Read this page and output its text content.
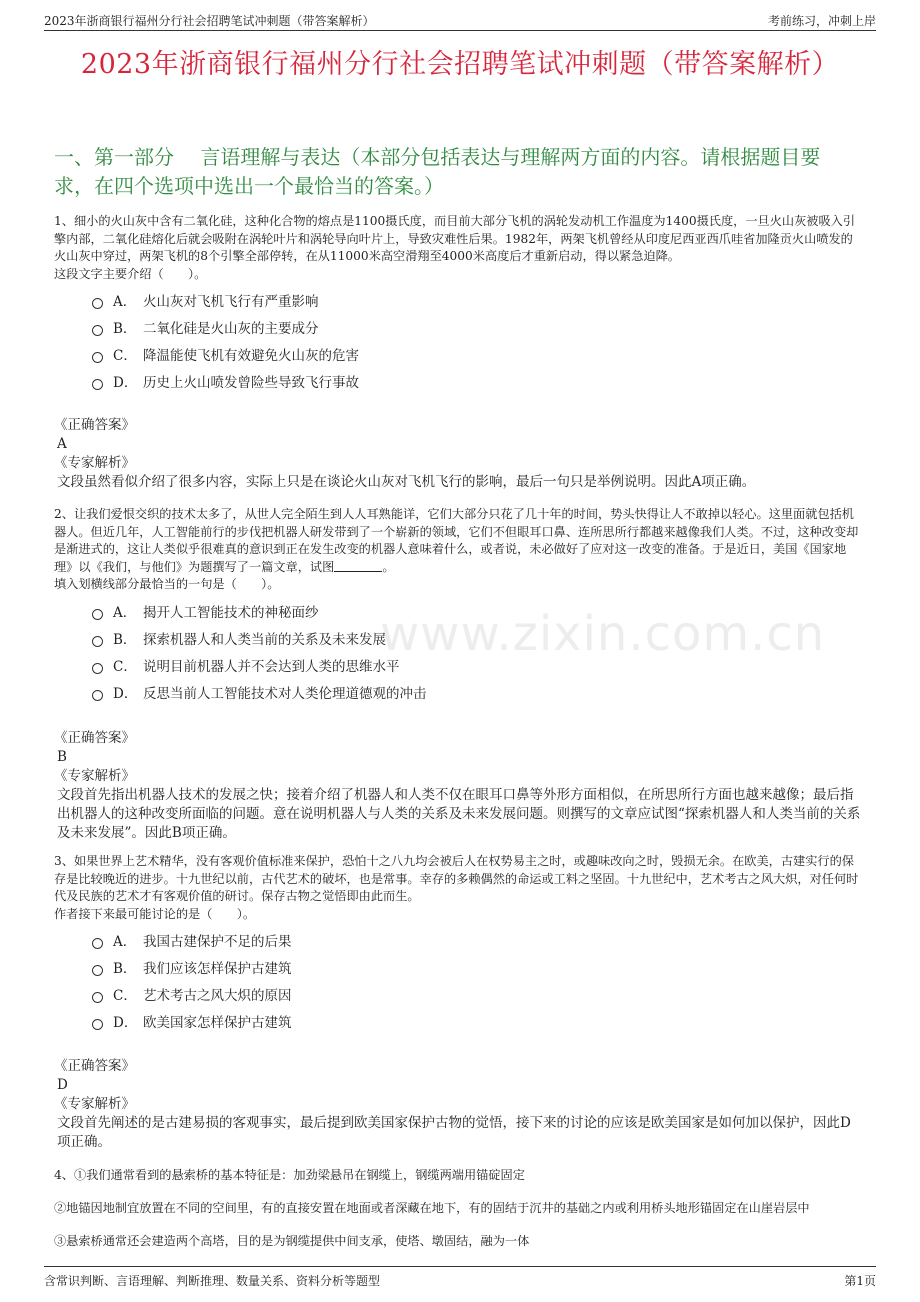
2023年浙商银行福州分行社会招聘笔试冲刺题（带答案解析）	考前练习，冲刺上岸
2023年浙商银行福州分行社会招聘笔试冲刺题（带答案解析）
一、第一部分　 言语理解与表达（本部分包括表达与理解两方面的内容。请根据题目要求，在四个选项中选出一个最恰当的答案。）
www.zixin.com.cn

1、细小的火山灰中含有二氧化硅，这种化合物的熔点是1100摄氏度，而目前大部分飞机的涡轮发动机工作温度为1400摄氏度，一旦火山灰被吸入引擎内部，二氧化硅熔化后就会吸附在涡轮叶片和涡轮导向叶片上，导致灾难性后果。1982年，两架飞机曾经从印度尼西亚西爪哇省加隆贡火山喷发的火山灰中穿过，两架飞机的8个引擎全部停转，在从11000米高空滑翔至4000米高度后才重新启动，得以紧急迫降。

这段文字主要介绍（　　）。

A． 火山灰对飞机飞行有严重影响
B． 二氧化硅是火山灰的主要成分
C． 降温能使飞机有效避免火山灰的危害
D． 历史上火山喷发曾险些导致飞行事故

《正确答案》

A

《专家解析》

文段虽然看似介绍了很多内容，实际上只是在谈论火山灰对飞机飞行的影响，最后一句只是举例说明。因此A项正确。

2、让我们爱恨交织的技术太多了，从世人完全陌生到人人耳熟能详，它们大部分只花了几十年的时间，势头快得让人不敢掉以轻心。这里面就包括机器人。但近几年，人工智能前行的步伐把机器人研发带到了一个崭新的领域，它们不但眼耳口鼻、连所思所行都越来越像我们人类。不过，这种改变却是渐进式的，这让人类似乎很难真的意识到正在发生改变的机器人意味着什么，或者说，未必做好了应对这一改变的准备。于是近日，美国《国家地理》以《我们，与他们》为题撰写了一篇文章，试图	。

填入划横线部分最恰当的一句是（　　）。

A． 揭开人工智能技术的神秘面纱
B． 探索机器人和人类当前的关系及未来发展
C． 说明目前机器人并不会达到人类的思维水平
D． 反思当前人工智能技术对人类伦理道德观的冲击

《正确答案》

B

《专家解析》

文段首先指出机器人技术的发展之快；接着介绍了机器人和人类不仅在眼耳口鼻等外形方面相似，在所思所行方面也越来越像；最后指出机器人的这种改变所面临的问题。意在说明机器人与人类的关系及未来发展问题。则撰写的文章应试图“探索机器人和人类当前的关系及未来发展”。因此B项正确。

3、如果世界上艺术精华，没有客观价值标准来保护，恐怕十之八九均会被后人在权势易主之时，或趣味改向之时，毁损无余。在欧美，古建实行的保存是比较晚近的进步。十九世纪以前，古代艺术的破坏，也是常事。幸存的多赖偶然的命运或工料之坚固。十九世纪中，艺术考古之风大炽，对任何时代及民族的艺术才有客观价值的研讨。保存古物之觉悟即由此而生。

作者接下来最可能讨论的是（　　）。

A． 我国古建保护不足的后果
B． 我们应该怎样保护古建筑
C． 艺术考古之风大炽的原因
D． 欧美国家怎样保护古建筑

《正确答案》

D

《专家解析》

文段首先阐述的是古建易损的客观事实，最后提到欧美国家保护古物的觉悟，接下来的讨论的应该是欧美国家是如何加以保护，因此D项正确。

4、①我们通常看到的悬索桥的基本特征是：加劲梁悬吊在钢缆上，钢缆两端用锚碇固定
②地锚因地制宜放置在不同的空间里，有的直接安置在地面或者深藏在地下，有的固结于沉井的基础之内或利用桥头地形锚固定在山崖岩层中
③悬索桥通常还会建造两个高塔，目的是为钢缆提供中间支承，使塔、墩固结，融为一体
含常识判断、言语理解、判断推理、数量关系、资料分析等题型	第1页
